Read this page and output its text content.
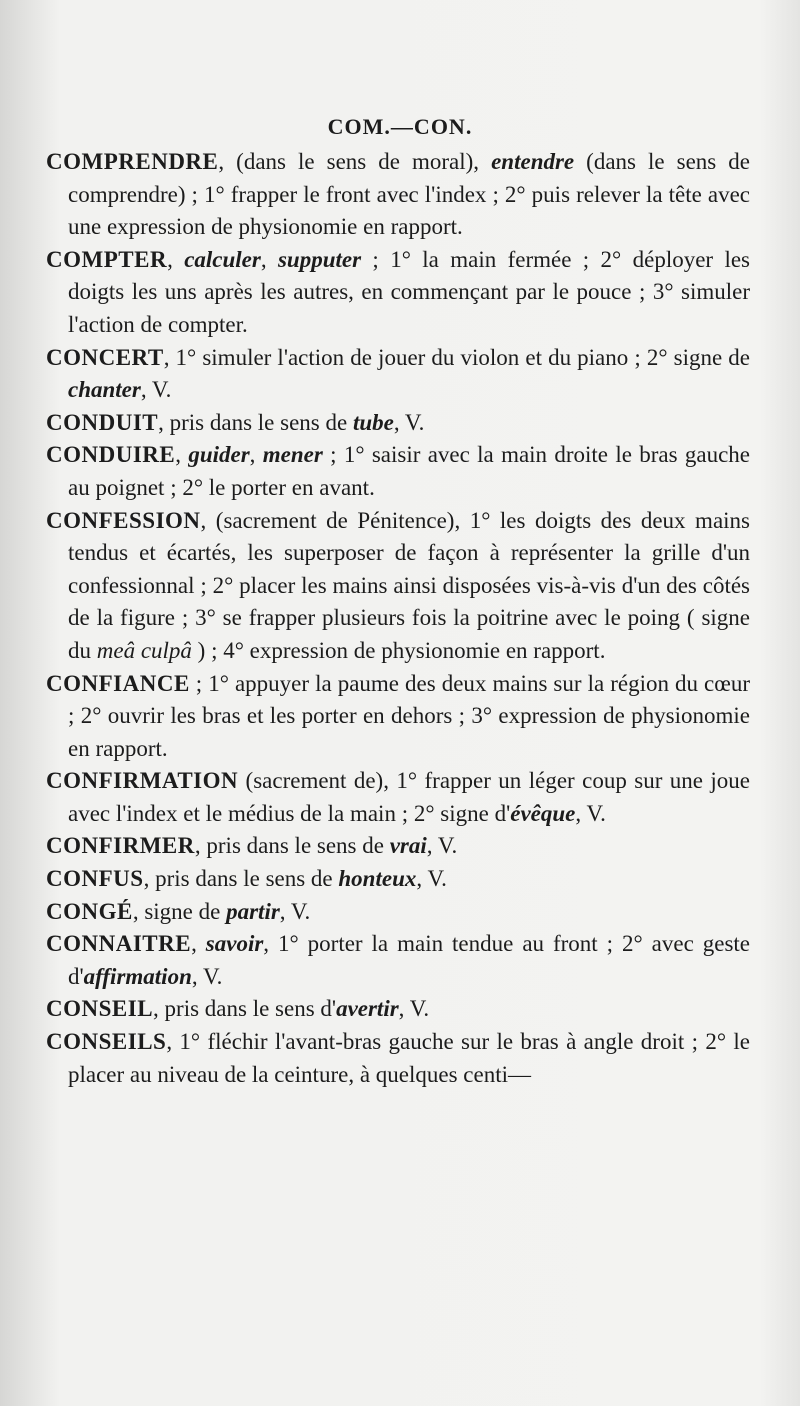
COM.—CON.

COMPRENDRE, (dans le sens de moral), entendre (dans le sens de comprendre) ; 1° frapper le front avec l'index ; 2° puis relever la tête avec une expression de physionomie en rapport.

COMPTER, calculer, supputer ; 1° la main fermée ; 2° déployer les doigts les uns après les autres, en commençant par le pouce ; 3° simuler l'action de compter.

CONCERT, 1° simuler l'action de jouer du violon et du piano ; 2° signe de chanter, V.

CONDUIT, pris dans le sens de tube, V.

CONDUIRE, guider, mener ; 1° saisir avec la main droite le bras gauche au poignet ; 2° le porter en avant.

CONFESSION, (sacrement de Pénitence), 1° les doigts des deux mains tendus et écartés, les superposer de façon à représenter la grille d'un confessionnal ; 2° placer les mains ainsi disposées vis-à-vis d'un des côtés de la figure ; 3° se frapper plusieurs fois la poitrine avec le poing ( signe du meâ culpâ ) ; 4° expression de physionomie en rapport.

CONFIANCE ; 1° appuyer la paume des deux mains sur la région du cœur ; 2° ouvrir les bras et les porter en dehors ; 3° expression de physionomie en rapport.

CONFIRMATION (sacrement de), 1° frapper un léger coup sur une joue avec l'index et le médius de la main ; 2° signe d'évêque, V.

CONFIRMER, pris dans le sens de vrai, V.

CONFUS, pris dans le sens de honteux, V.

CONGÉ, signe de partir, V.

CONNAITRE, savoir, 1° porter la main tendue au front ; 2° avec geste d'affirmation, V.

CONSEIL, pris dans le sens d'avertir, V.

CONSEILS, 1° fléchir l'avant-bras gauche sur le bras à angle droit ; 2° le placer au niveau de la ceinture, à quelques centi—
